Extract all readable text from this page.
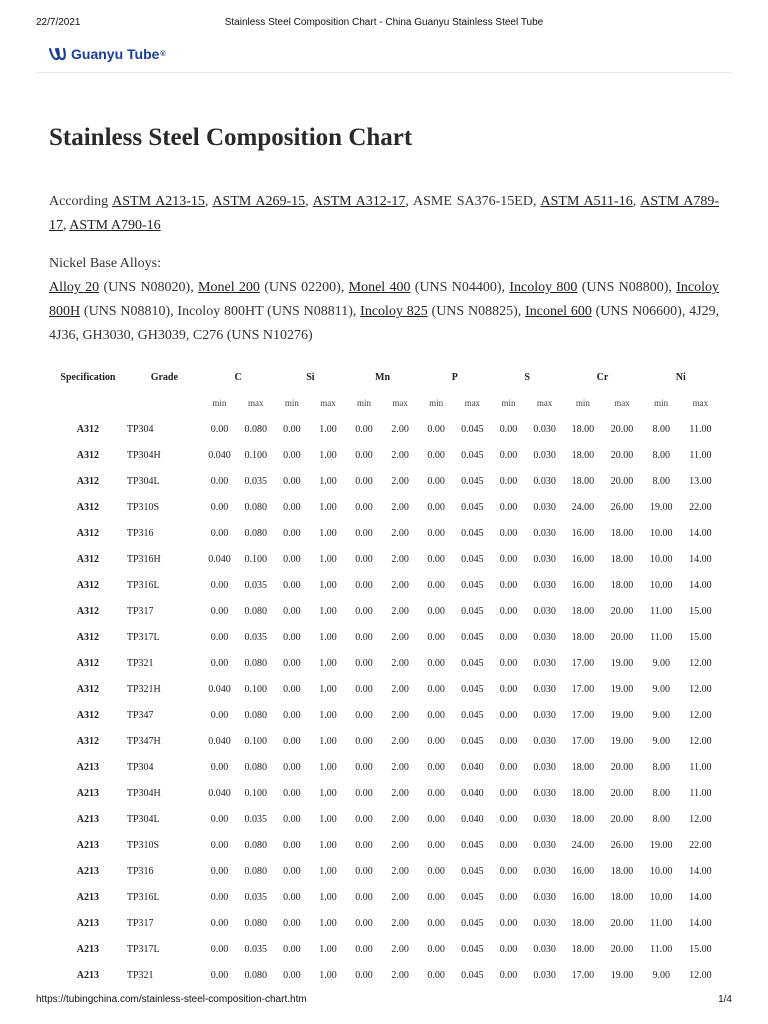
22/7/2021	Stainless Steel Composition Chart - China Guanyu Stainless Steel Tube
Guanyu Tube ®
Stainless Steel Composition Chart

According ASTM A213-15, ASTM A269-15, ASTM A312-17, ASME SA376-15ED, ASTM A511-16, ASTM A789-17, ASTM A790-16

Nickel Base Alloys:

Alloy 20 (UNS N08020), Monel 200 (UNS 02200), Monel 400 (UNS N04400), Incoloy 800 (UNS N08800), Incoloy 800H (UNS N08810), Incoloy 800HT (UNS N08811), Incoloy 825 (UNS N08825), Inconel 600 (UNS N06600), 4J29, 4J36, GH3030, GH3039, C276 (UNS N10276)

Specification	Grade	C		Si		Mn		P		S		Cr		Ni	
		min	max	min	max	min	max	min	max	min	max	min	max	min	max
A312	TP304	0.00	0.080	0.00	1.00	0.00	2.00	0.00	0.045	0.00	0.030	18.00	20.00	8.00	11.00
A312	TP304H	0.040	0.100	0.00	1.00	0.00	2.00	0.00	0.045	0.00	0.030	18.00	20.00	8.00	11.00
A312	TP304L	0.00	0.035	0.00	1.00	0.00	2.00	0.00	0.045	0.00	0.030	18.00	20.00	8.00	13.00
A312	TP310S	0.00	0.080	0.00	1.00	0.00	2.00	0.00	0.045	0.00	0.030	24.00	26.00	19.00	22.00
A312	TP316	0.00	0.080	0.00	1.00	0.00	2.00	0.00	0.045	0.00	0.030	16.00	18.00	10.00	14.00
A312	TP316H	0.040	0.100	0.00	1.00	0.00	2.00	0.00	0.045	0.00	0.030	16.00	18.00	10.00	14.00
A312	TP316L	0.00	0.035	0.00	1.00	0.00	2.00	0.00	0.045	0.00	0.030	16.00	18.00	10.00	14.00
A312	TP317	0.00	0.080	0.00	1.00	0.00	2.00	0.00	0.045	0.00	0.030	18.00	20.00	11.00	15.00
A312	TP317L	0.00	0.035	0.00	1.00	0.00	2.00	0.00	0.045	0.00	0.030	18.00	20.00	11.00	15.00
A312	TP321	0.00	0.080	0.00	1.00	0.00	2.00	0.00	0.045	0.00	0.030	17.00	19.00	9.00	12.00
A312	TP321H	0.040	0.100	0.00	1.00	0.00	2.00	0.00	0.045	0.00	0.030	17.00	19.00	9.00	12.00
A312	TP347	0.00	0.080	0.00	1.00	0.00	2.00	0.00	0.045	0.00	0.030	17.00	19.00	9.00	12.00
A312	TP347H	0.040	0.100	0.00	1.00	0.00	2.00	0.00	0.045	0.00	0.030	17.00	19.00	9.00	12.00
A213	TP304	0.00	0.080	0.00	1.00	0.00	2.00	0.00	0.040	0.00	0.030	18.00	20.00	8.00	11.00
A213	TP304H	0.040	0.100	0.00	1.00	0.00	2.00	0.00	0.040	0.00	0.030	18.00	20.00	8.00	11.00
A213	TP304L	0.00	0.035	0.00	1.00	0.00	2.00	0.00	0.040	0.00	0.030	18.00	20.00	8.00	12.00
A213	TP310S	0.00	0.080	0.00	1.00	0.00	2.00	0.00	0.045	0.00	0.030	24.00	26.00	19.00	22.00
A213	TP316	0.00	0.080	0.00	1.00	0.00	2.00	0.00	0.045	0.00	0.030	16.00	18.00	10.00	14.00
A213	TP316L	0.00	0.035	0.00	1.00	0.00	2.00	0.00	0.045	0.00	0.030	16.00	18.00	10.00	14.00
A213	TP317	0.00	0.080	0.00	1.00	0.00	2.00	0.00	0.045	0.00	0.030	18.00	20.00	11.00	14.00
A213	TP317L	0.00	0.035	0.00	1.00	0.00	2.00	0.00	0.045	0.00	0.030	18.00	20.00	11.00	15.00
A213	TP321	0.00	0.080	0.00	1.00	0.00	2.00	0.00	0.045	0.00	0.030	17.00	19.00	9.00	12.00
https://tubingchina.com/stainless-steel-composition-chart.htm	1/4
